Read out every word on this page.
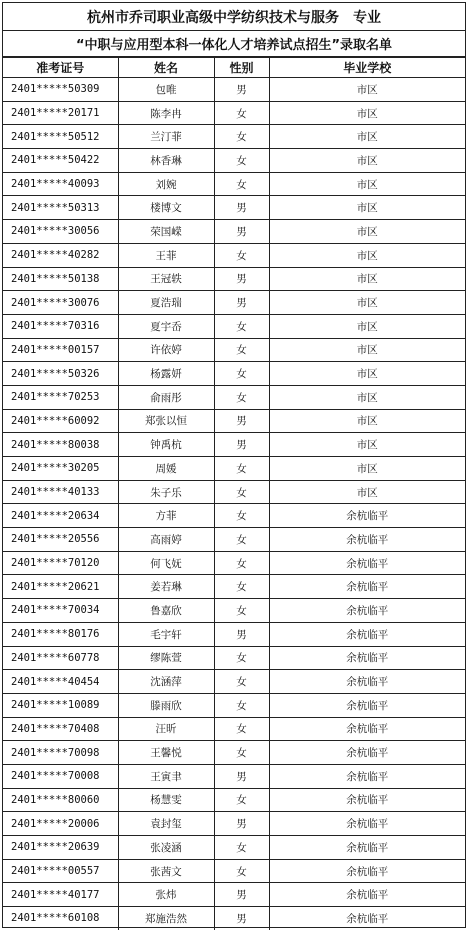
杭州市乔司职业高级中学纺织技术与服务　专业
“中职与应用型本科一体化人才培养试点招生”录取名单
准考证号	姓名	性别	毕业学校
2401*****50309	包唯	男	市区
2401*****20171	陈李冉	女	市区
2401*****50512	兰汀菲	女	市区
2401*****50422	林香琳	女	市区
2401*****40093	刘婉	女	市区
2401*****50313	楼博文	男	市区
2401*****30056	荣国嵘	男	市区
2401*****40282	王菲	女	市区
2401*****50138	王冠轶	男	市区
2401*****30076	夏浩瑞	男	市区
2401*****70316	夏宇岙	女	市区
2401*****00157	许依婷	女	市区
2401*****50326	杨露妍	女	市区
2401*****70253	俞雨彤	女	市区
2401*****60092	郑张以恒	男	市区
2401*****80038	钟禹杭	男	市区
2401*****30205	周媛	女	市区
2401*****40133	朱子乐	女	市区
2401*****20634	方菲	女	余杭临平
2401*****20556	高雨婷	女	余杭临平
2401*****70120	何飞妩	女	余杭临平
2401*****20621	姜若琳	女	余杭临平
2401*****70034	鲁嘉欣	女	余杭临平
2401*****80176	毛宇轩	男	余杭临平
2401*****60778	缪陈萱	女	余杭临平
2401*****40454	沈涵萍	女	余杭临平
2401*****10089	滕雨欣	女	余杭临平
2401*****70408	汪昕	女	余杭临平
2401*****70098	王馨悦	女	余杭临平
2401*****70008	王寅聿	男	余杭临平
2401*****80060	杨慧雯	女	余杭临平
2401*****20006	袁封玺	男	余杭临平
2401*****20639	张凌涵	女	余杭临平
2401*****00557	张茜文	女	余杭临平
2401*****40177	张炜	男	余杭临平
2401*****60108	郑施浩然	男	余杭临平
